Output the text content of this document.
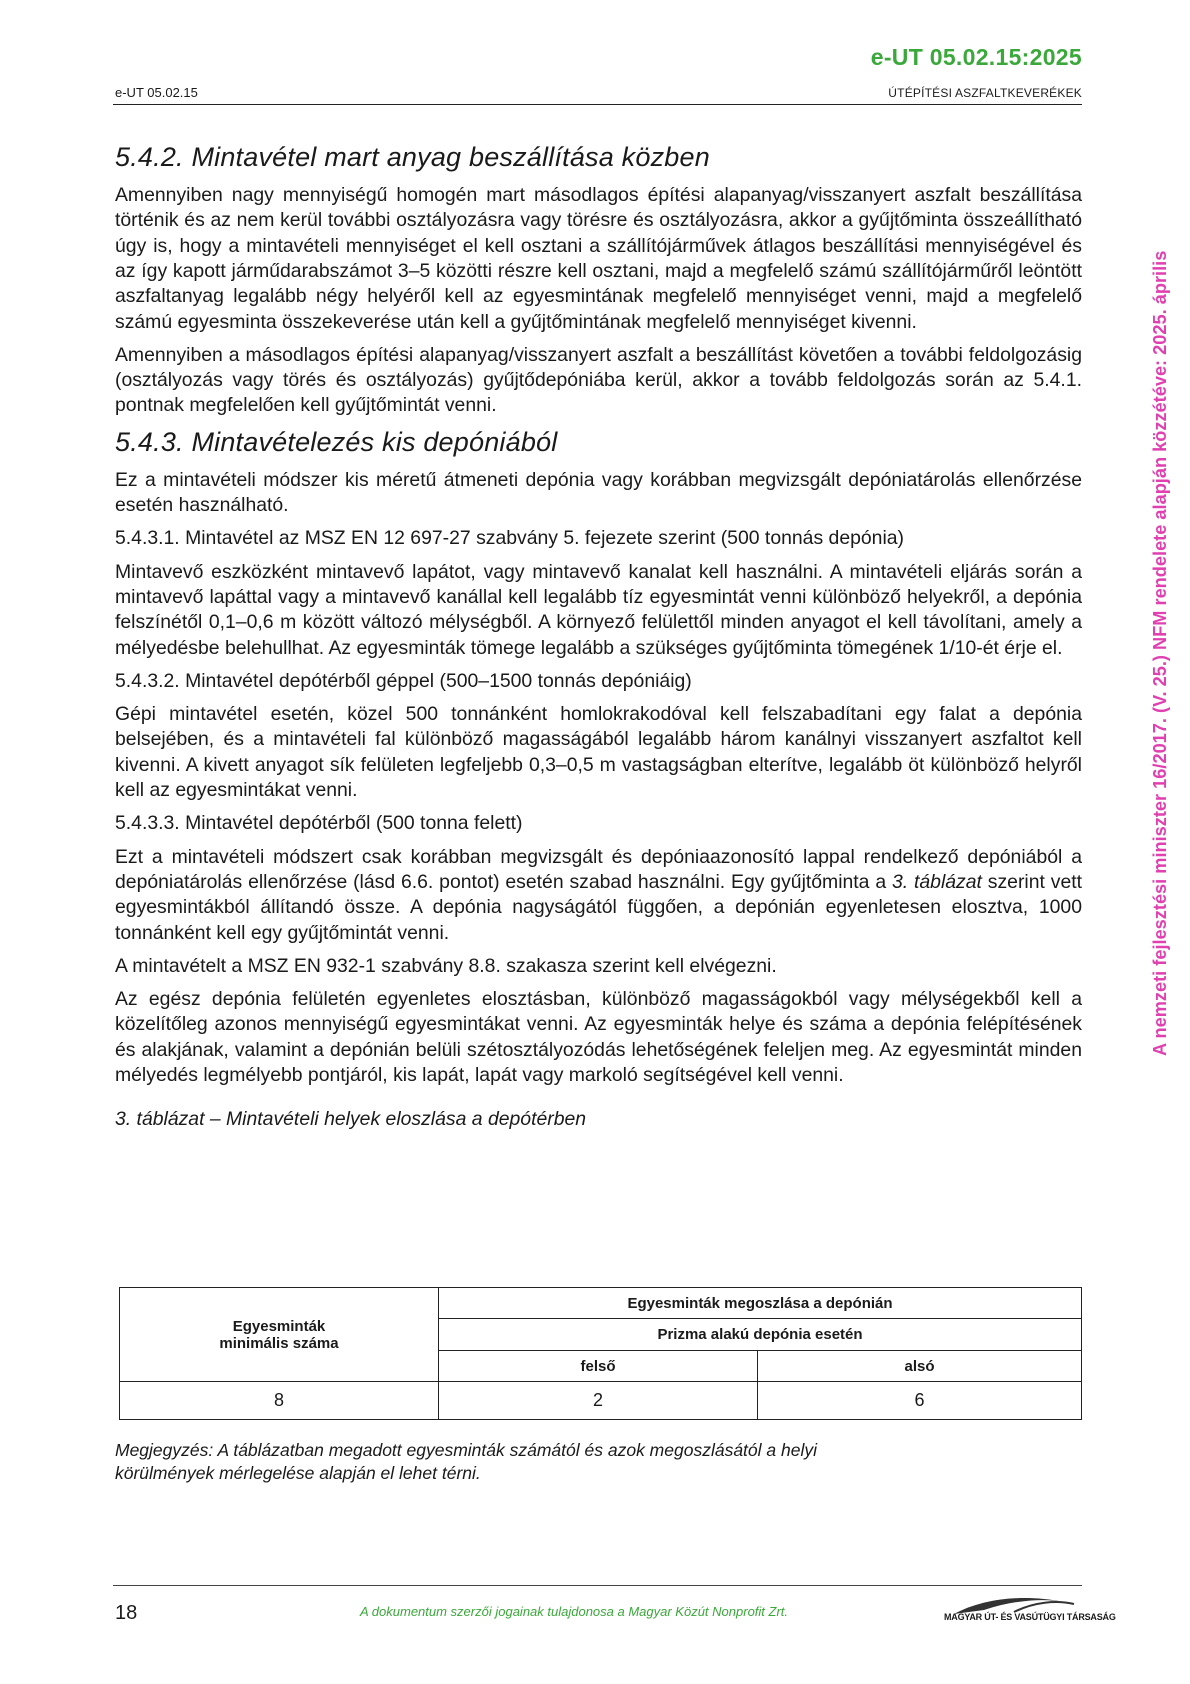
e-UT 05.02.15:2025
e-UT 05.02.15	ÚTÉPÍTÉSI ASZFALTKEVERÉKEK
A nemzeti fejlesztési miniszter 16/2017. (V. 25.) NFM rendelete alapján közzétéve: 2025. április
5.4.2. Mintavétel mart anyag beszállítása közben

Amennyiben nagy mennyiségű homogén mart másodlagos építési alapanyag/visszanyert aszfalt beszállítása történik és az nem kerül további osztályozásra vagy törésre és osztályozásra, akkor a gyűjtőminta összeállítható úgy is, hogy a mintavételi mennyiséget el kell osztani a szállítójárművek átlagos beszállítási mennyiségével és az így kapott járműdarabszámot 3–5 közötti részre kell osztani, majd a megfelelő számú szállítójárműről leöntött aszfaltanyag legalább négy helyéről kell az egyesmintának megfelelő mennyiséget venni, majd a megfelelő számú egyesminta összekeverése után kell a gyűjtőmintának megfelelő mennyiséget kivenni.

Amennyiben a másodlagos építési alapanyag/visszanyert aszfalt a beszállítást követően a további feldolgozásig (osztályozás vagy törés és osztályozás) gyűjtődepóniába kerül, akkor a tovább feldolgozás során az 5.4.1. pontnak megfelelően kell gyűjtőmintát venni.

5.4.3. Mintavételezés kis depóniából

Ez a mintavételi módszer kis méretű átmeneti depónia vagy korábban megvizsgált depóniatárolás ellenőrzése esetén használható.

5.4.3.1. Mintavétel az MSZ EN 12 697-27 szabvány 5. fejezete szerint (500 tonnás depónia)

Mintavevő eszközként mintavevő lapátot, vagy mintavevő kanalat kell használni. A mintavételi eljárás során a mintavevő lapáttal vagy a mintavevő kanállal kell legalább tíz egyesmintát venni különböző helyekről, a depónia felszínétől 0,1–0,6 m között változó mélységből. A környező felülettől minden anyagot el kell távolítani, amely a mélyedésbe belehullhat. Az egyesminták tömege legalább a szükséges gyűjtőminta tömegének 1/10-ét érje el.

5.4.3.2. Mintavétel depótérből géppel (500–1500 tonnás depóniáig)

Gépi mintavétel esetén, közel 500 tonnánként homlokrakodóval kell felszabadítani egy falat a depónia belsejében, és a mintavételi fal különböző magasságából legalább három kanálnyi visszanyert aszfaltot kell kivenni. A kivett anyagot sík felületen legfeljebb 0,3–0,5 m vastagságban elterítve, legalább öt különböző helyről kell az egyesmintákat venni.

5.4.3.3. Mintavétel depótérből (500 tonna felett)

Ezt a mintavételi módszert csak korábban megvizsgált és depóniaazonosító lappal rendelkező depóniából a depóniatárolás ellenőrzése (lásd 6.6. pontot) esetén szabad használni. Egy gyűjtőminta a 3. táblázat szerint vett egyesmintákból állítandó össze. A depónia nagyságától függően, a depónián egyenletesen elosztva, 1000 tonnánként kell egy gyűjtőmintát venni.

A mintavételt a MSZ EN 932-1 szabvány 8.8. szakasza szerint kell elvégezni.

Az egész depónia felületén egyenletes elosztásban, különböző magasságokból vagy mélységekből kell a közelítőleg azonos mennyiségű egyesmintákat venni. Az egyesminták helye és száma a depónia felépítésének és alakjának, valamint a depónián belüli szétosztályozódás lehetőségének feleljen meg. Az egyesmintát minden mélyedés legmélyebb pontjáról, kis lapát, lapát vagy markoló segítségével kell venni.

3. táblázat – Mintavételi helyek eloszlása a depótérben
Egyesminták
minimális száma	Egyesminták megoszlása a depónián	
	Prizma alakú depónia esetén	
	felső	alsó
8	2	6
Megjegyzés: A táblázatban megadott egyesminták számától és azok megoszlásától a helyi
körülmények mérlegelése alapján el lehet térni.
18	A dokumentum szerzői jogainak tulajdonosa a Magyar Közút Nonprofit Zrt.	MAGYAR ÚT- ÉS VASÚTÜGYI TÁRSASÁG
